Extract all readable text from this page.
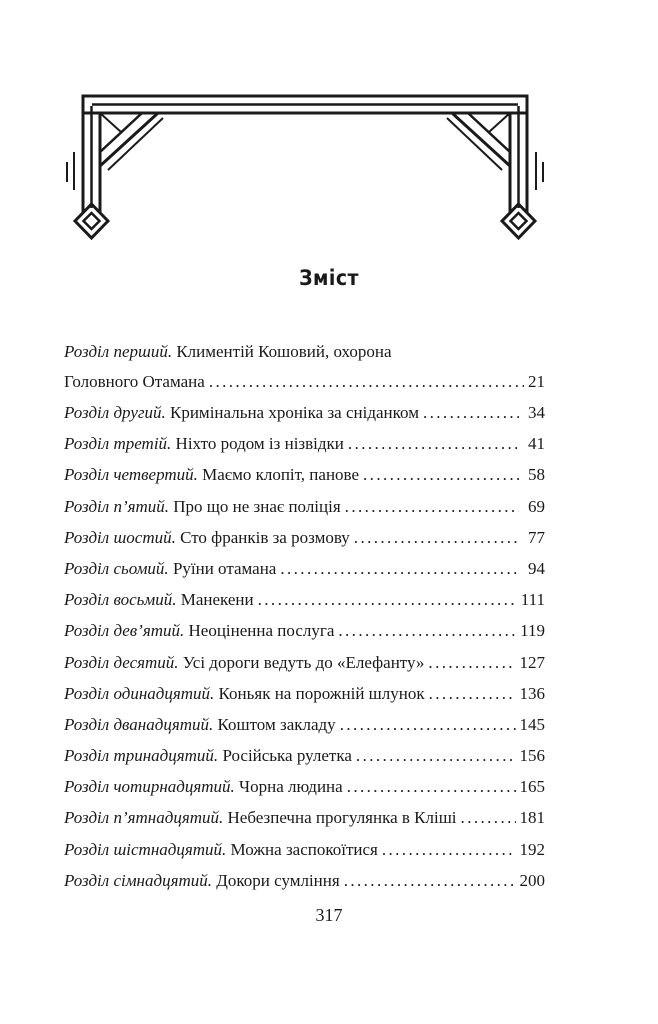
Зміст
Розділ перший. Климентій Кошовий, охорона
Головного Отамана .....	21
Розділ другий. Кримінальна хроніка за сніданком .....	34
Розділ третій. Ніхто родом із нізвідки .....	41
Розділ четвертий. Маємо клопіт, панове .....	58
Розділ п’ятий. Про що не знає поліція .....	69
Розділ шостий. Сто франків за розмову .....	77
Розділ сьомий. Руїни отамана .....	94
Розділ восьмий. Манекени .....	111
Розділ дев’ятий. Неоціненна послуга .....	119
Розділ десятий. Усі дороги ведуть до «Елефанту» .....	127
Розділ одинадцятий. Коньяк на порожній шлунок .....	136
Розділ дванадцятий. Коштом закладу .....	145
Розділ тринадцятий. Російська рулетка .....	156
Розділ чотирнадцятий. Чорна людина .....	165
Розділ п’ятнадцятий. Небезпечна прогулянка в Кліші .....	181
Розділ шістнадцятий. Можна заспокоїтися .....	192
Розділ сімнадцятий. Докори сумління .....	200
317
